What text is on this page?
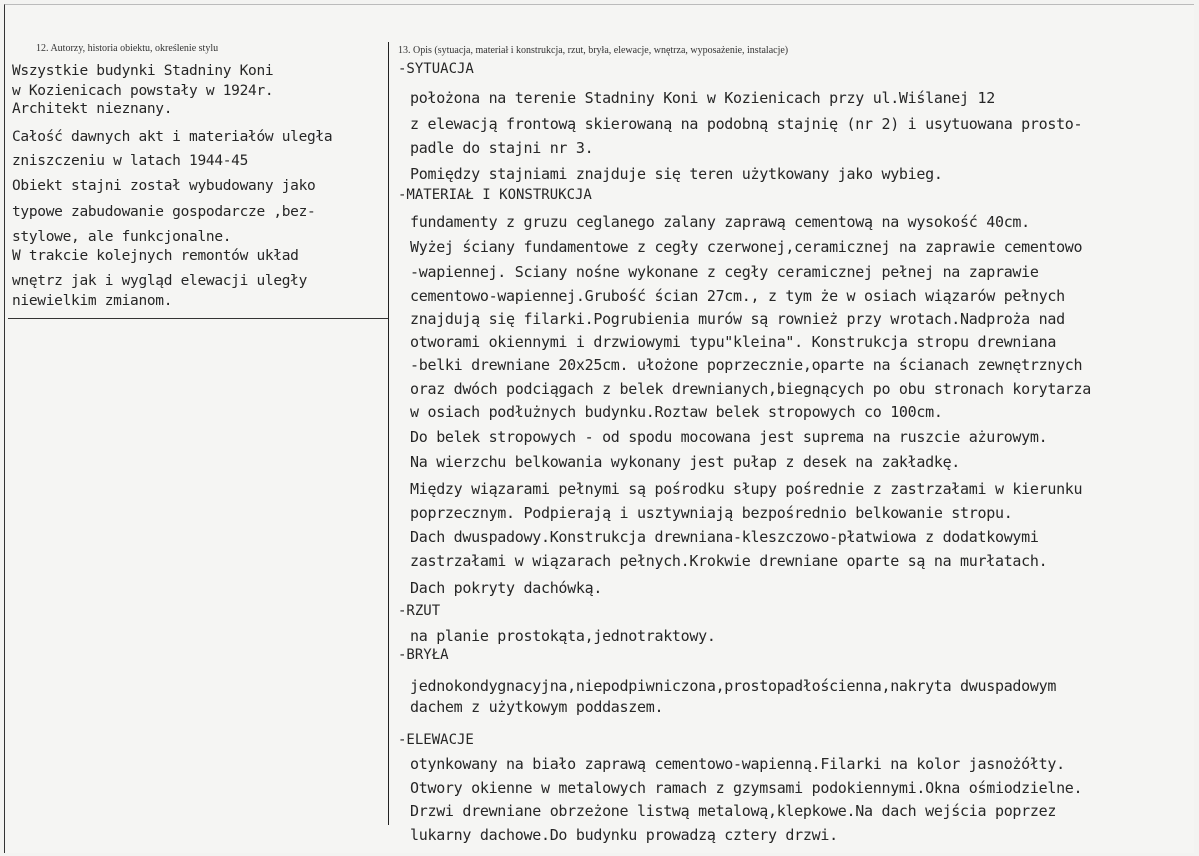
12. Autorzy, historia obiektu, określenie stylu	13. Opis (sytuacja, materiał i konstrukcja, rzut, bryła, elewacje, wnętrza, wyposażenie, instalacje)
Wszystkie budynki Stadniny Koni
w Kozienicach powstały w 1924r.
Architekt nieznany.
Całość dawnych akt i materiałów uległa
zniszczeniu w latach 1944-45
Obiekt stajni został wybudowany jako
typowe zabudowanie gospodarcze ,bez-
stylowe, ale funkcjonalne.
W trakcie kolejnych remontów układ
wnętrz jak i wygląd elewacji uległy
niewielkim zmianom.
-SYTUACJA
położona na terenie Stadniny Koni w Kozienicach przy ul.Wiślanej 12
z elewacją frontową skierowaną na podobną stajnię (nr 2) i usytuowana prosto-
padle do stajni nr 3.
Pomiędzy stajniami znajduje się teren użytkowany jako wybieg.
-MATERIAŁ I KONSTRUKCJA
fundamenty z gruzu ceglanego zalany zaprawą cementową na wysokość 40cm.
Wyżej ściany fundamentowe z cegły czerwonej,ceramicznej na zaprawie cementowo
-wapiennej. Sciany nośne wykonane z cegły ceramicznej pełnej na zaprawie
cementowo-wapiennej.Grubość ścian 27cm., z tym że w osiach wiązarów pełnych
znajdują się filarki.Pogrubienia murów są rownież przy wrotach.Nadproża nad
otworami okiennymi i drzwiowymi typu"kleina". Konstrukcja stropu drewniana
-belki drewniane 20x25cm. ułożone poprzecznie,oparte na ścianach zewnętrznych
oraz dwóch podciągach z belek drewnianych,biegnących po obu stronach korytarza
w osiach podłużnych budynku.Roztaw belek stropowych co 100cm.
Do belek stropowych - od spodu mocowana jest suprema na ruszcie ażurowym.
Na wierzchu belkowania wykonany jest pułap z desek na zakładkę.
Między wiązarami pełnymi są pośrodku słupy pośrednie z zastrzałami w kierunku
poprzecznym. Podpierają i usztywniają bezpośrednio belkowanie stropu.
Dach dwuspadowy.Konstrukcja drewniana-kleszczowo-płatwiowa z dodatkowymi
zastrzałami w wiązarach pełnych.Krokwie drewniane oparte są na murłatach.
Dach pokryty dachówką.
-RZUT
na planie prostokąta,jednotraktowy.
-BRYŁA
jednokondygnacyjna,niepodpiwniczona,prostopadłościenna,nakryta dwuspadowym
dachem z użytkowym poddaszem.
-ELEWACJE
otynkowany na biało zaprawą cementowo-wapienną.Filarki na kolor jasnożółty.
Otwory okienne w metalowych ramach z gzymsami podokiennymi.Okna ośmiodzielne.
Drzwi drewniane obrzeżone listwą metalową,klepkowe.Na dach wejścia poprzez
lukarny dachowe.Do budynku prowadzą cztery drzwi.
